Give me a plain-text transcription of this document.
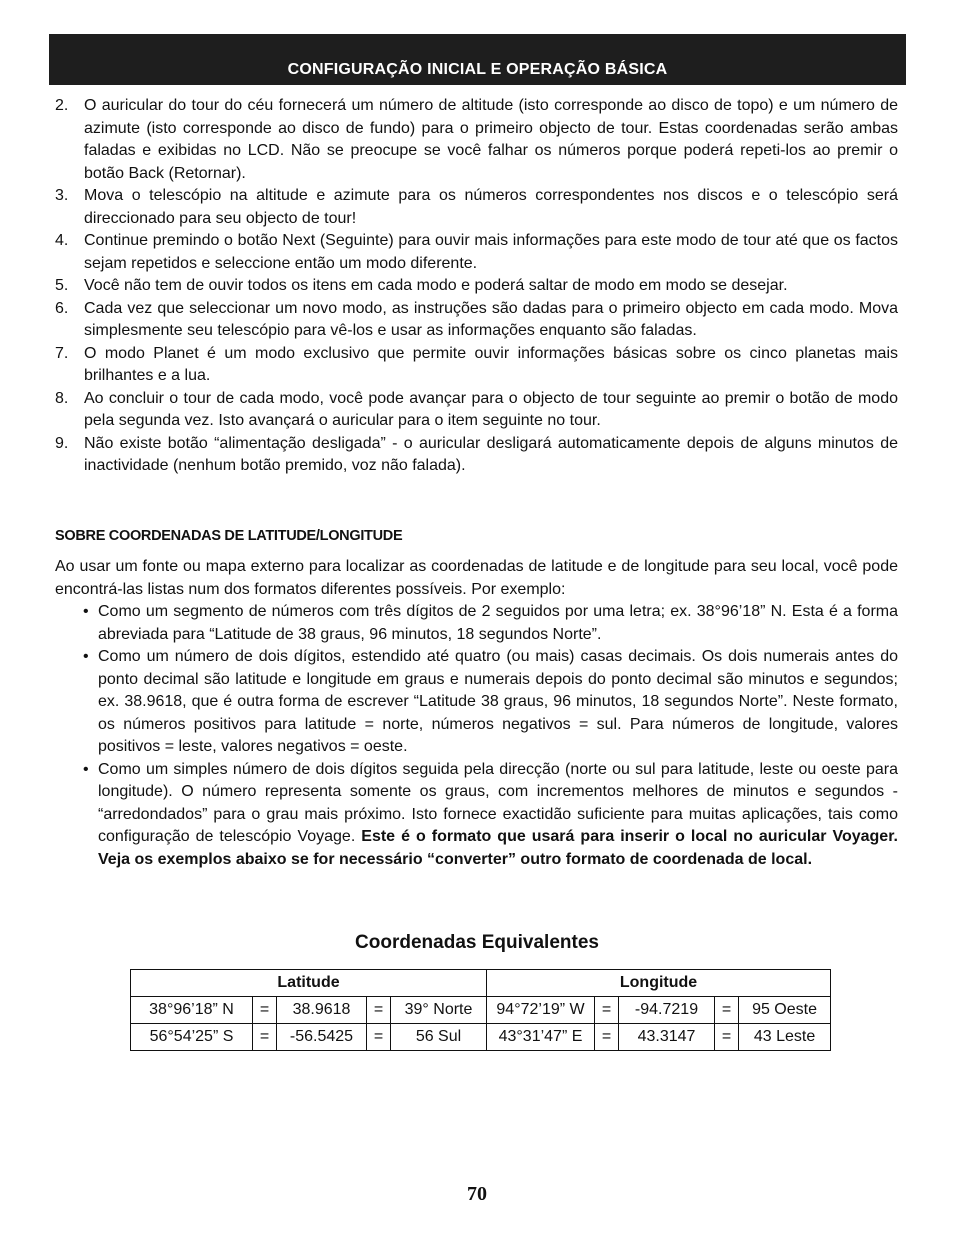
CONFIGURAÇÃO INICIAL E OPERAÇÃO BÁSICA
2. O auricular do tour do céu fornecerá um número de altitude (isto corresponde ao disco de topo) e um número de azimute (isto corresponde ao disco de fundo) para o primeiro objecto de tour. Estas coordenadas serão ambas faladas e exibidas no LCD. Não se preocupe se você falhar os números porque poderá repeti-los ao premir o botão Back (Retornar).
3. Mova o telescópio na altitude e azimute para os números correspondentes nos discos e o telescópio será direccionado para seu objecto de tour!
4. Continue premindo o botão Next (Seguinte) para ouvir mais informações para este modo de tour até que os factos sejam repetidos e seleccione então um modo diferente.
5. Você não tem de ouvir todos os itens em cada modo e poderá saltar de modo em modo se desejar.
6. Cada vez que seleccionar um novo modo, as instruções são dadas para o primeiro objecto em cada modo. Mova simplesmente seu telescópio para vê-los e usar as informações enquanto são faladas.
7. O modo Planet é um modo exclusivo que permite ouvir informações básicas sobre os cinco planetas mais brilhantes e a lua.
8. Ao concluir o tour de cada modo, você pode avançar para o objecto de tour seguinte ao premir o botão de modo pela segunda vez. Isto avançará o auricular para o item seguinte no tour.
9. Não existe botão “alimentação desligada” - o auricular desligará automaticamente depois de alguns minutos de inactividade (nenhum botão premido, voz não falada).
SOBRE COORDENADAS DE LATITUDE/LONGITUDE

Ao usar um fonte ou mapa externo para localizar as coordenadas de latitude e de longitude para seu local, você pode encontrá-las listas num dos formatos diferentes possíveis. Por exemplo:

• Como um segmento de números com três dígitos de 2 seguidos por uma letra; ex. 38°96’18” N. Esta é a forma abreviada para “Latitude de 38 graus, 96 minutos, 18 segundos Norte”.
• Como um número de dois dígitos, estendido até quatro (ou mais) casas decimais. Os dois numerais antes do ponto decimal são latitude e longitude em graus e numerais depois do ponto decimal são minutos e segundos; ex. 38.9618, que é outra forma de escrever “Latitude 38 graus, 96 minutos, 18 segundos Norte”. Neste formato, os números positivos para latitude = norte, números negativos = sul. Para números de longitude, valores positivos = leste, valores negativos = oeste.
• Como um simples número de dois dígitos seguida pela direcção (norte ou sul para latitude, leste ou oeste para longitude). O número representa somente os graus, com incrementos melhores de minutos e segundos - “arredondados” para o grau mais próximo. Isto fornece exactidão suficiente para muitas aplicações, tais como configuração de telescópio Voyage. Este é o formato que usará para inserir o local no auricular Voyager. Veja os exemplos abaixo se for necessário “converter” outro formato de coordenada de local.
Coordenadas Equivalentes
Latitude					Longitude				
38°96’18” N	=	38.9618	=	39° Norte	94°72’19” W	=	-94.7219	=	95 Oeste
56°54’25” S	=	-56.5425	=	56 Sul	43°31’47” E	=	43.3147	=	43 Leste
70
